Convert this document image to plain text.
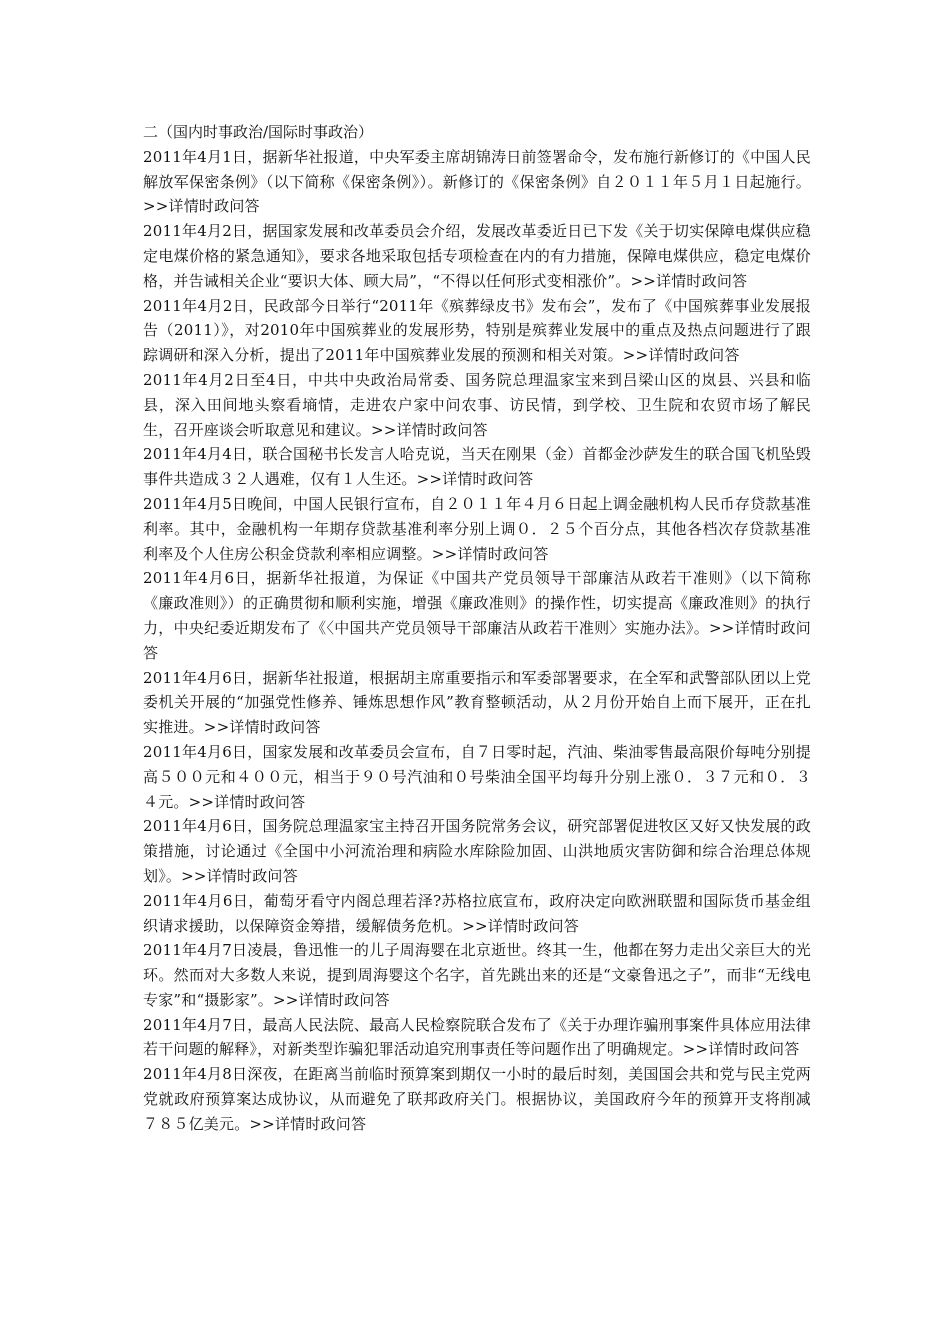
二（国内时事政治/国际时事政治）

2011年4月1日，据新华社报道，中央军委主席胡锦涛日前签署命令，发布施行新修订的《中国人民解放军保密条例》（以下简称《保密条例》）。新修订的《保密条例》自２０１１年５月１日起施行。>>详情时政问答

2011年4月2日，据国家发展和改革委员会介绍，发展改革委近日已下发《关于切实保障电煤供应稳定电煤价格的紧急通知》，要求各地采取包括专项检查在内的有力措施，保障电煤供应，稳定电煤价格，并告诫相关企业“要识大体、顾大局”，“不得以任何形式变相涨价”。>>详情时政问答

2011年4月2日，民政部今日举行“2011年《殡葬绿皮书》发布会”，发布了《中国殡葬事业发展报告（2011）》，对2010年中国殡葬业的发展形势，特别是殡葬业发展中的重点及热点问题进行了跟踪调研和深入分析，提出了2011年中国殡葬业发展的预测和相关对策。>>详情时政问答

2011年4月2日至4日，中共中央政治局常委、国务院总理温家宝来到吕梁山区的岚县、兴县和临县，深入田间地头察看墒情，走进农户家中问农事、访民情，到学校、卫生院和农贸市场了解民生，召开座谈会听取意见和建议。>>详情时政问答

2011年4月4日，联合国秘书长发言人哈克说，当天在刚果（金）首都金沙萨发生的联合国飞机坠毁事件共造成３２人遇难，仅有１人生还。>>详情时政问答

2011年4月5日晚间，中国人民银行宣布，自２０１１年４月６日起上调金融机构人民币存贷款基准利率。其中，金融机构一年期存贷款基准利率分别上调０．２５个百分点，其他各档次存贷款基准利率及个人住房公积金贷款利率相应调整。>>详情时政问答

2011年4月6日，据新华社报道，为保证《中国共产党员领导干部廉洁从政若干准则》（以下简称《廉政准则》）的正确贯彻和顺利实施，增强《廉政准则》的操作性，切实提高《廉政准则》的执行力，中央纪委近期发布了《〈中国共产党员领导干部廉洁从政若干准则〉实施办法》。>>详情时政问答

2011年4月6日，据新华社报道，根据胡主席重要指示和军委部署要求，在全军和武警部队团以上党委机关开展的“加强党性修养、锤炼思想作风”教育整顿活动，从２月份开始自上而下展开，正在扎实推进。>>详情时政问答

2011年4月6日，国家发展和改革委员会宣布，自７日零时起，汽油、柴油零售最高限价每吨分别提高５００元和４００元，相当于９０号汽油和０号柴油全国平均每升分别上涨０．３７元和０．３４元。>>详情时政问答

2011年4月6日，国务院总理温家宝主持召开国务院常务会议，研究部署促进牧区又好又快发展的政策措施，讨论通过《全国中小河流治理和病险水库除险加固、山洪地质灾害防御和综合治理总体规划》。>>详情时政问答

2011年4月6日，葡萄牙看守内阁总理若泽?苏格拉底宣布，政府决定向欧洲联盟和国际货币基金组织请求援助，以保障资金筹措，缓解债务危机。>>详情时政问答

2011年4月7日凌晨，鲁迅惟一的儿子周海婴在北京逝世。终其一生，他都在努力走出父亲巨大的光环。然而对大多数人来说，提到周海婴这个名字，首先跳出来的还是“文豪鲁迅之子”，而非“无线电专家”和“摄影家”。>>详情时政问答

2011年4月7日，最高人民法院、最高人民检察院联合发布了《关于办理诈骗刑事案件具体应用法律若干问题的解释》，对新类型诈骗犯罪活动追究刑事责任等问题作出了明确规定。>>详情时政问答

2011年4月8日深夜，在距离当前临时预算案到期仅一小时的最后时刻，美国国会共和党与民主党两党就政府预算案达成协议，从而避免了联邦政府关门。根据协议，美国政府今年的预算开支将削减７８５亿美元。>>详情时政问答
